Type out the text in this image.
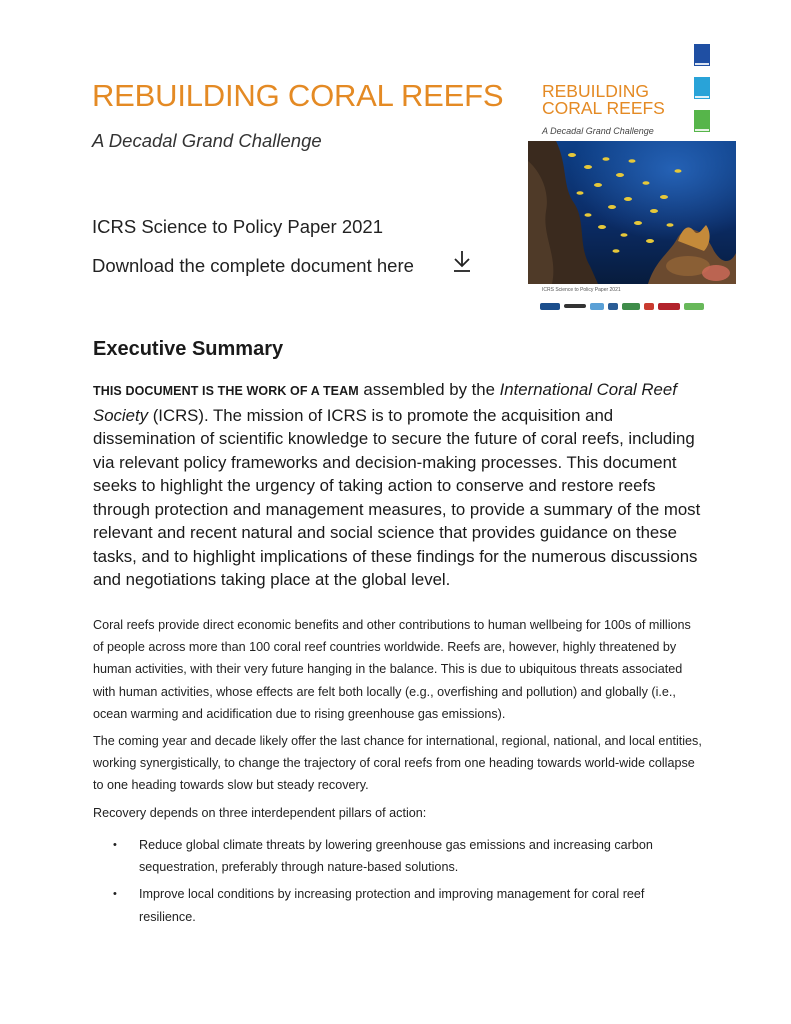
REBUILDING CORAL REEFS
A Decadal Grand Challenge
ICRS Science to Policy Paper 2021
Download the complete document here
REBUILDING
CORAL REEFS
A Decadal Grand Challenge
ICRS Science to Policy Paper 2021
Executive Summary
THIS DOCUMENT IS THE WORK OF A TEAM assembled by the International Coral Reef Society (ICRS). The mission of ICRS is to promote the acquisition and dissemination of scientific knowledge to secure the future of coral reefs, including via relevant policy frameworks and decision-making processes. This document seeks to highlight the urgency of taking action to conserve and restore reefs through protection and management measures, to provide a summary of the most relevant and recent natural and social science that provides guidance on these tasks, and to highlight implications of these findings for the numerous discussions and negotiations taking place at the global level.
Coral reefs provide direct economic benefits and other contributions to human wellbeing for 100s of millions of people across more than 100 coral reef countries worldwide. Reefs are, however, highly threatened by human activities, with their very future hanging in the balance. This is due to ubiquitous threats associated with human activities, whose effects are felt both locally (e.g., overfishing and pollution) and globally (i.e., ocean warming and acidification due to rising greenhouse gas emissions).
The coming year and decade likely offer the last chance for international, regional, national, and local entities, working synergistically, to change the trajectory of coral reefs from one heading towards world-wide collapse to one heading towards slow but steady recovery.
Recovery depends on three interdependent pillars of action:
• Reduce global climate threats by lowering greenhouse gas emissions and increasing carbon sequestration, preferably through nature-based solutions.
• Improve local conditions by increasing protection and improving management for coral reef resilience.
